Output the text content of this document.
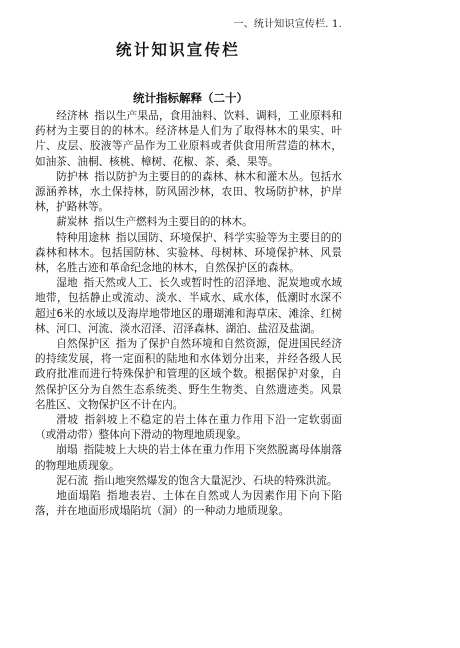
一、统计知识宣传栏. 1.
统计知识宣传栏
统计指标解释（二十）

经济林 指以生产果品，食用油料、饮料、调料，工业原料和药材为主要目的的林木。经济林是人们为了取得林木的果实、叶片、皮层、胶液等产品作为工业原料或者供食用所营造的林木，如油茶、油桐、核桃、樟树、花椒、茶、桑、果等。

防护林 指以防护为主要目的的森林、林木和灌木丛。包括水源涵养林，水土保持林，防风固沙林，农田、牧场防护林，护岸林，护路林等。

薪炭林 指以生产燃料为主要目的的林木。

特种用途林 指以国防、环境保护、科学实验等为主要目的的森林和林木。包括国防林、实验林、母树林、环境保护林、风景林，名胜古迹和革命纪念地的林木，自然保护区的森林。

湿地 指天然或人工、长久或暂时性的沼泽地、泥炭地或水域地带，包括静止或流动、淡水、半咸水、咸水体，低潮时水深不超过6米的水域以及海岸地带地区的珊瑚滩和海草床、滩涂、红树林、河口、河流、淡水沼泽、沼泽森林、湖泊、盐沼及盐湖。

自然保护区 指为了保护自然环境和自然资源，促进国民经济的持续发展，将一定面积的陆地和水体划分出来，并经各级人民政府批准而进行特殊保护和管理的区域个数。根据保护对象，自然保护区分为自然生态系统类、野生生物类、自然遗迹类。风景名胜区、文物保护区不计在内。

滑坡 指斜坡上不稳定的岩土体在重力作用下沿一定软弱面（或滑动带）整体向下滑动的物理地质现象。

崩塌 指陡坡上大块的岩土体在重力作用下突然脱离母体崩落的物理地质现象。

泥石流 指山地突然爆发的饱含大量泥沙、石块的特殊洪流。

地面塌陷 指地表岩、土体在自然或人为因素作用下向下陷落，并在地面形成塌陷坑（洞）的一种动力地质现象。
